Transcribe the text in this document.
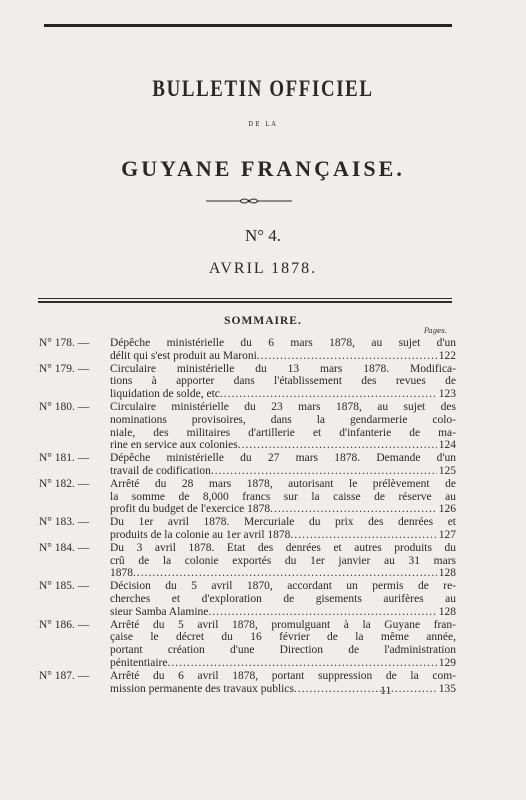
BULLETIN OFFICIEL
DE LA
GUYANE FRANÇAISE.
N° 4.
AVRIL 1878.
SOMMAIRE.
Pages.
N° 178. —	Dépêche ministérielle du 6 mars 1878, au sujet d'un
délit qui s'est produit au Maroni .....	122
N° 179. —	Circulaire ministérielle du 13 mars 1878. Modifica-
tions à apporter dans l'établissement des revues de
liquidation de solde, etc .....	123
N° 180. —	Circulaire ministérielle du 23 mars 1878, au sujet des
nominations provisoires, dans la gendarmerie colo-
niale, des militaires d'artillerie et d'infanterie de ma-
rine en service aux colonies .....	124
N° 181. —	Dépêche ministérielle du 27 mars 1878. Demande d'un
travail de codification .....	125
N° 182. —	Arrêté du 28 mars 1878, autorisant le prélèvement de
la somme de 8,000 francs sur la caisse de réserve au
profit du budget de l'exercice 1878 .....	126
N° 183. —	Du 1er avril 1878. Mercuriale du prix des denrées et
produits de la colonie au 1er avril 1878 .....	127
N° 184. —	Du 3 avril 1878. État des denrées et autres produits du
crû de la colonie exportés du 1er janvier au 31 mars
1878 .....	128
N° 185. —	Décision du 5 avril 1870, accordant un permis de re-
cherches et d'exploration de gisements aurifères au
sieur Samba Alamine .....	128
N° 186. —	Arrêté du 5 avril 1878, promulguant à la Guyane fran-
çaise le décret du 16 février de la même année,
portant création d'une Direction de l'administration
pénitentiaire .....	129
N° 187. —	Arrêté du 6 avril 1878, portant suppression de la com-
mission permanente des travaux publics .....	135
11
